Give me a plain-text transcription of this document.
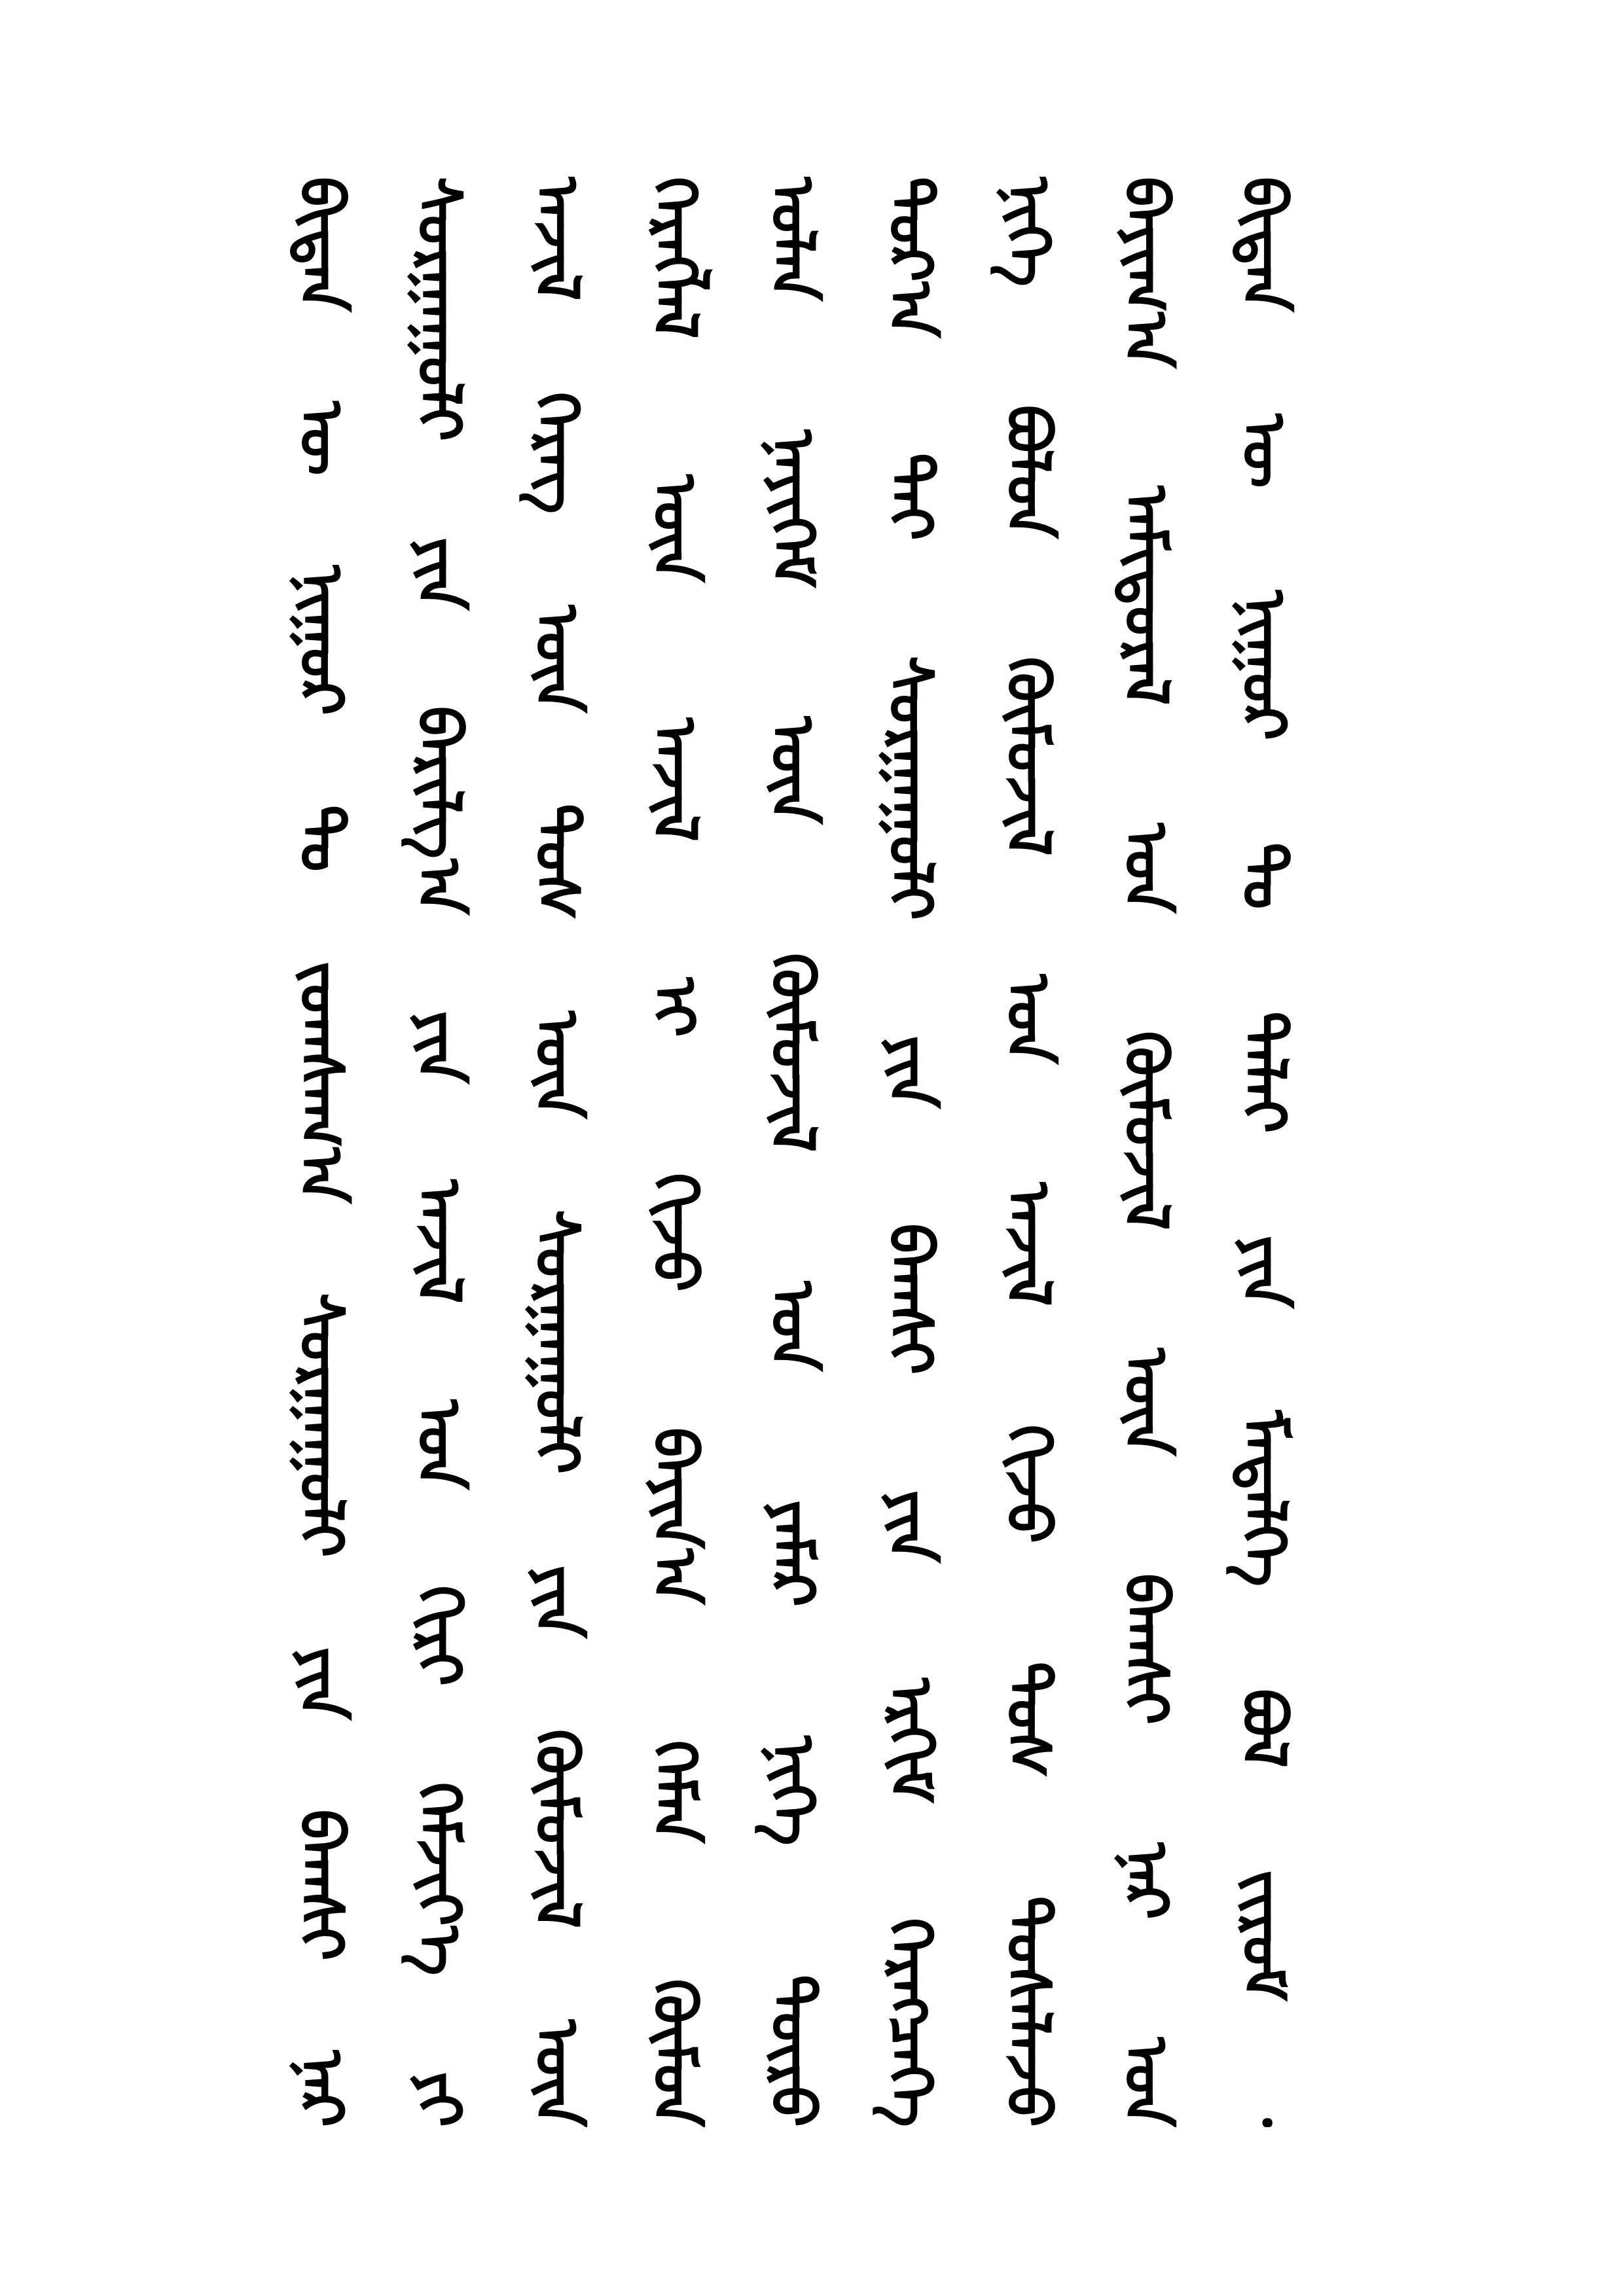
ᠪᠢᠳᠡᠨ ᠦ ᠨᠢᠭᠤᠷ ᠲᠤ ᠵᠤᠭᠰᠠᠭ᠎ᠠ ᠰᠤᠷᠭᠠᠭᠤᠯᠢ ᠶᠢᠨ ᠪᠠᠭᠰᠢ ᠨᠠᠷ ᠰᠤᠷᠭᠠᠭᠤᠯᠢ ᠶᠢᠨ ᠪᠠᠷᠢᠯᠭ᠎ᠠ ᠶᠢᠨ ᠠᠵᠢᠯ ᠤᠨ ᠬᠢᠷᠢ ᠬᠡᠮᠵᠢᠶ᠎ᠡ ᠶᠢ ᠠᠵᠢᠯ ᠬᠡᠷᠡᠭ ᠦᠨ ᠲᠤᠰ ᠦᠨ ᠰᠤᠷᠭᠠᠭᠤᠯᠢ ᠶᠢᠨ ᠬᠦᠮᠦᠵᠢᠯ ᠦᠨ ᠬᠡᠷᠡᠭᠯᠡᠯ ᠦᠨ ᠠᠵᠢᠯ ᠢ ᠬᠢᠵᠦ ᠪᠠᠶᠢᠨ᠎ᠠ ᠬᠡᠮᠡᠨ ᠬᠦᠮᠦᠨ ᠣᠯᠠᠨ ᠨᠡᠶᠢᠭᠡᠮ ᠦᠨ ᠬᠦᠮᠦᠵᠢᠯ ᠤᠨ ᠶᠠᠮᠠᠷ ᠨᠢᠭᠡ ᠲᠦᠷᠦ ᠳᠤᠷ᠎ᠠ ᠲᠠᠶ ᠰᠤᠷᠭᠠᠭᠤᠯᠢ ᠶᠢᠨ ᠪᠠᠭᠰᠢ ᠶᠢᠨ ᠡᠷᠬᠢᠮ ᠬᠡᠷᠡᠭᠴᠡᠭᠡ ᠨᠢᠭᠡ ᠪᠣᠯᠤᠨ ᠬᠦᠮᠦᠵᠢᠯ ᠤᠨ ᠠᠵᠢᠯ ᠬᠢᠵᠦ ᠲᠤᠰ ᠲᠤᠰᠠᠯᠠᠵᠤ ᠪᠠᠶᠢᠭ᠎ᠠ ᠠᠮᠢᠳᠤᠷᠠᠯ ᠤᠨ ᠬᠦᠮᠦᠵᠢᠯ ᠦᠨ ᠪᠠᠭᠰᠢ ᠨᠠᠷ ᠤᠨ ᠪᠢᠳᠡᠨ ᠦ ᠨᠢᠭᠤᠷ ᠲᠤ ᠳᠠᠯᠠᠢ ᠶᠢᠨ ᠮᠡᠳᠡᠯᠭᠡ ᠪᠣᠯ ᠵᠢᠷᠤᠮ ᠂
